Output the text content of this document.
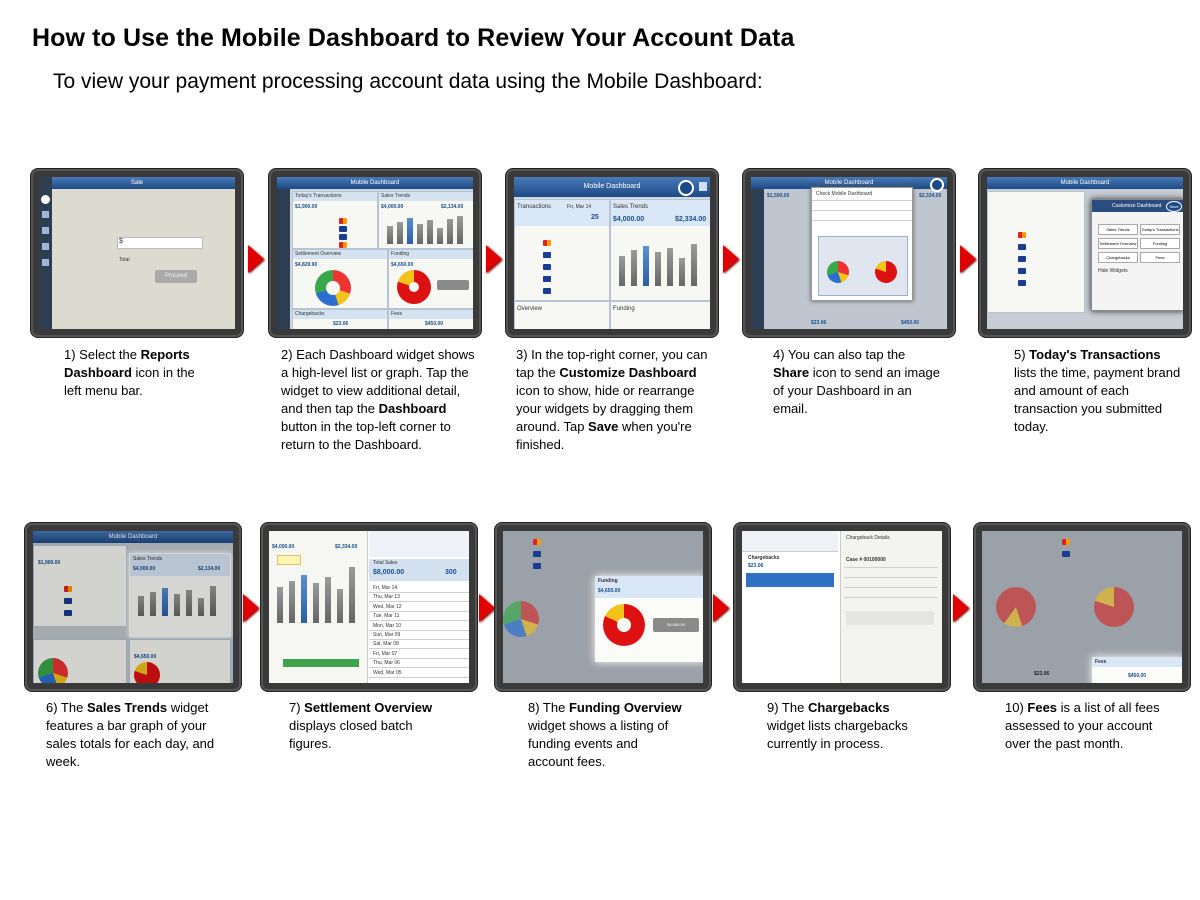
How to Use the Mobile Dashboard to Review Your Account Data
To view your payment processing account data using the Mobile Dashboard:
Sale
$
Total
Proceed
Mobile Dashboard
Today's Transactions
$1,900.00
Sales Trends
$4,000.00	$2,134.00
Settlement Overview
$4,829.90
Funding
$4,650.00
Chargebacks
$23.06
Fees
$450.00
Mobile Dashboard
Transactions	Fri, Mar 14
25
Sales Trends
$4,000.00	$2,334.00
Overview	Funding
Mobile Dashboard
$1,500.00	$2,334.00
Check Mobile Dashboard
$23.06	$450.00
Mobile Dashboard
Customize Dashboard	Save
Sales Trends	Today's Transactions
Settlement Overview	Funding
Chargebacks	Fees
Hide Widgets
1) Select the Reports Dashboard icon in the left menu bar.
2) Each Dashboard widget shows a high-level list or graph. Tap the widget to view additional detail, and then tap the Dashboard button in the top-left corner to return to the Dashboard.
3) In the top-right corner, you can tap the Customize Dashboard icon to show, hide or rearrange your widgets by dragging them around. Tap Save when you're finished.
4) You can also tap the Share icon to send an image of your Dashboard in an email.
5) Today's Transactions lists the time, payment brand and amount of each transaction you submitted today.
Mobile Dashboard
$1,900.00
Sales Trends
$4,000.00	$2,134.00
$4,650.00
$4,000.00	$2,334.00
Total Sales
$8,000.00	300
Fri, Mar 14
Thu, Mar 13
Wed, Mar 12
Tue, Mar 11
Mon, Mar 10
Sun, Mar 09
Sat, Mar 08
Fri, Mar 07
Thu, Mar 06
Wed, Mar 05
Funding
$4,650.00
$4,650.00
Chargebacks
$23.06
Chargeback Details
Case # 00100000
$23.06
Fees
$450.00
6) The Sales Trends widget features a bar graph of your sales totals for each day, and week.
7) Settlement Overview displays closed batch figures.
8) The Funding Overview widget shows a listing of funding events and account fees.
9) The Chargebacks widget lists chargebacks currently in process.
10) Fees is a list of all fees assessed to your account over the past month.
